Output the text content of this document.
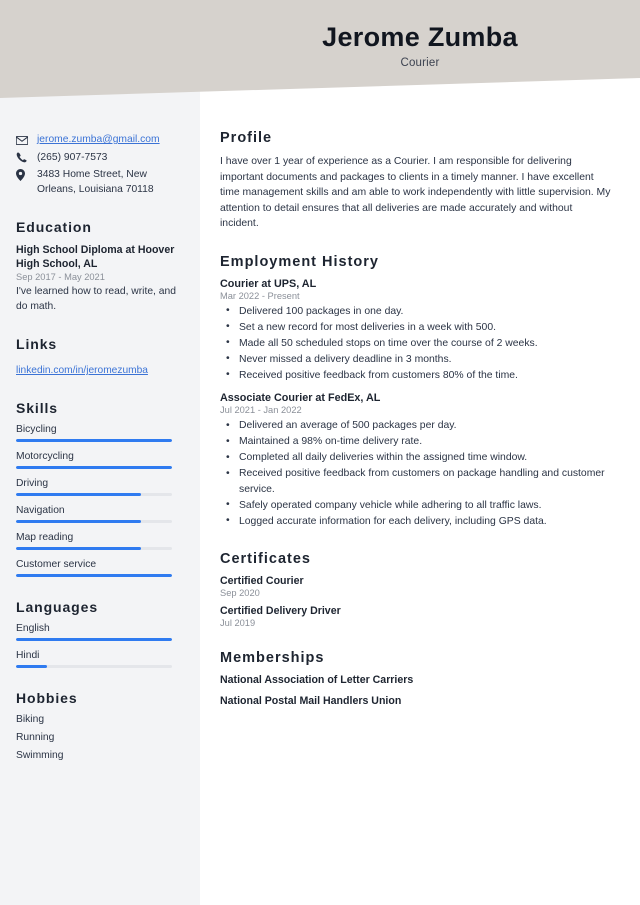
Jerome Zumba
Courier
jerome.zumba@gmail.com
(265) 907-7573
3483 Home Street, New Orleans, Louisiana 70118
Education
High School Diploma at Hoover High School, AL
Sep 2017 - May 2021
I've learned how to read, write, and do math.
Links
linkedin.com/in/jeromezumba
Skills
Bicycling
Motorcycling
Driving
Navigation
Map reading
Customer service
Languages
English
Hindi
Hobbies
Biking
Running
Swimming
Profile

I have over 1 year of experience as a Courier. I am responsible for delivering important documents and packages to clients in a timely manner. I have excellent time management skills and am able to work independently with little supervision. My attention to detail ensures that all deliveries are made accurately and without incident.

Employment History
Courier at UPS, AL
Mar 2022 - Present
• Delivered 100 packages in one day.
• Set a new record for most deliveries in a week with 500.
• Made all 50 scheduled stops on time over the course of 2 weeks.
• Never missed a delivery deadline in 3 months.
• Received positive feedback from customers 80% of the time.
Associate Courier at FedEx, AL
Jul 2021 - Jan 2022
• Delivered an average of 500 packages per day.
• Maintained a 98% on-time delivery rate.
• Completed all daily deliveries within the assigned time window.
• Received positive feedback from customers on package handling and customer service.
• Safely operated company vehicle while adhering to all traffic laws.
• Logged accurate information for each delivery, including GPS data.
Certificates
Certified Courier
Sep 2020
Certified Delivery Driver
Jul 2019
Memberships
National Association of Letter Carriers
National Postal Mail Handlers Union
